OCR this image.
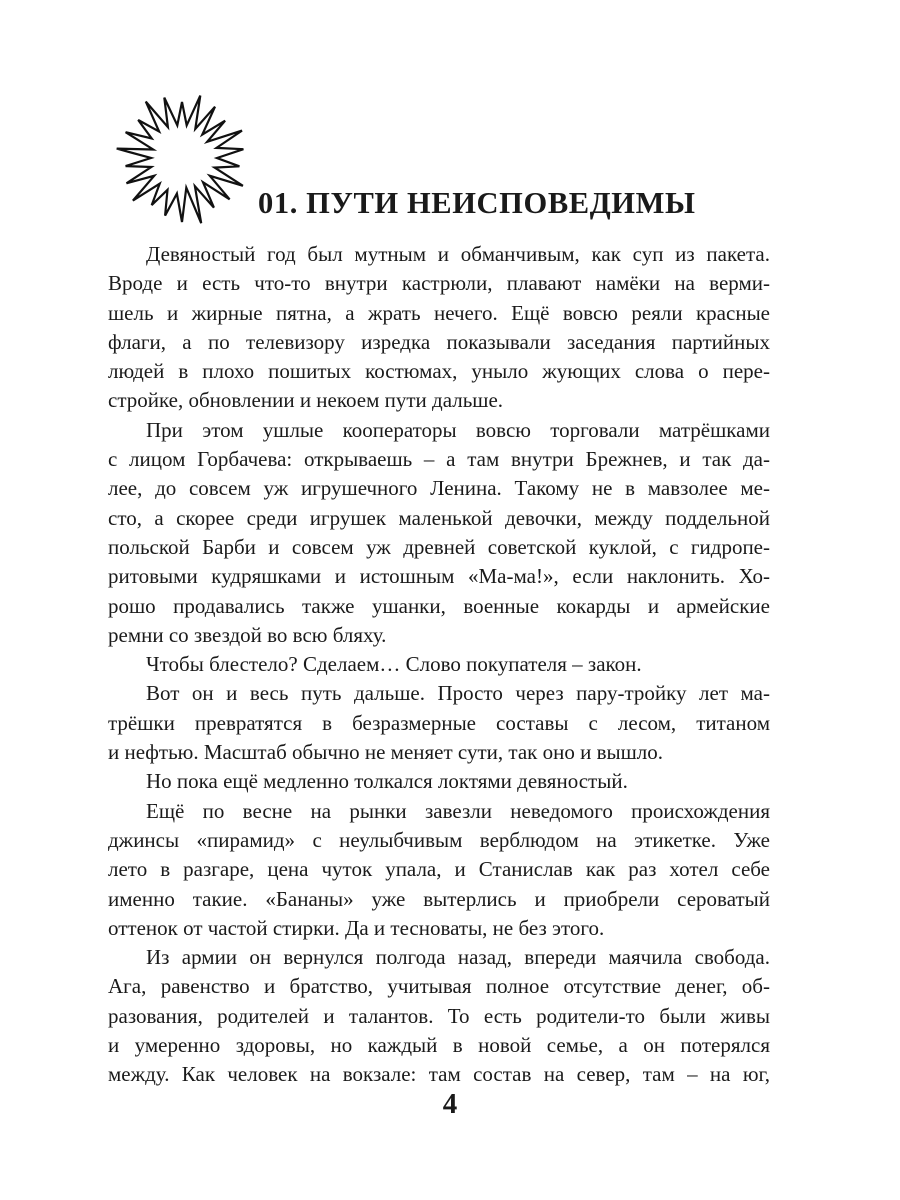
01. ПУТИ НЕИСПОВЕДИМЫ
Девяностый год был мутным и обманчивым, как суп из пакета.
Вроде и есть что-то внутри кастрюли, плавают намёки на верми-
шель и жирные пятна, а жрать нечего. Ещё вовсю реяли красные
флаги, а по телевизору изредка показывали заседания партийных
людей в плохо пошитых костюмах, уныло жующих слова о пере-
стройке, обновлении и некоем пути дальше.
При этом ушлые кооператоры вовсю торговали матрёшками
с лицом Горбачева: открываешь – а там внутри Брежнев, и так да-
лее, до совсем уж игрушечного Ленина. Такому не в мавзолее ме-
сто, а скорее среди игрушек маленькой девочки, между поддельной
польской Барби и совсем уж древней советской куклой, с гидропе-
ритовыми кудряшками и истошным «Ма-ма!», если наклонить. Хо-
рошо продавались также ушанки, военные кокарды и армейские
ремни со звездой во всю бляху.
Чтобы блестело? Сделаем… Слово покупателя – закон.
Вот он и весь путь дальше. Просто через пару-тройку лет ма-
трёшки превратятся в безразмерные составы с лесом, титаном
и нефтью. Масштаб обычно не меняет сути, так оно и вышло.
Но пока ещё медленно толкался локтями девяностый.
Ещё по весне на рынки завезли неведомого происхождения
джинсы «пирамид» с неулыбчивым верблюдом на этикетке. Уже
лето в разгаре, цена чуток упала, и Станислав как раз хотел себе
именно такие. «Бананы» уже вытерлись и приобрели сероватый
оттенок от частой стирки. Да и тесноваты, не без этого.
Из армии он вернулся полгода назад, впереди маячила свобода.
Ага, равенство и братство, учитывая полное отсутствие денег, об-
разования, родителей и талантов. То есть родители-то были живы
и умеренно здоровы, но каждый в новой семье, а он потерялся
между. Как человек на вокзале: там состав на север, там – на юг,
4
